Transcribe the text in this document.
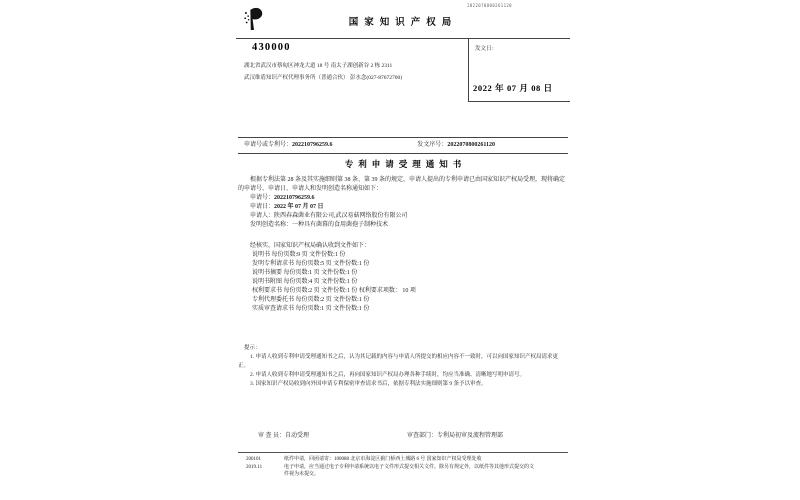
2022070800261120
国家知识产权局
430000
湖北省武汉市蔡甸区神龙大道 18 号 南太子湖创新谷 2 栋 2311
武汉维盾知识产权代理事务所（普通合伙） 彭水念(027-87672700)
发文日：
2022 年 07 月 08 日
申请号或专利号：202210796259.6	发文序号：2022070800261120
专利申请受理通知书
根据专利法第 28 条及其实施细则第 38 条、第 39 条的规定，申请人提出的专利申请已由国家知识产权局受理，现将确定的申请号、申请日、申请人和发明创造名称通知如下：
申请号：202210796259.6
申请日：2022 年 07 月 07 日
申请人：陕西春森菌业有限公司,武汉易菇网络股份有限公司
发明创造名称：一种具有菌幕的食用菌孢子制种技术
经核实，国家知识产权局确认收到文件如下：
说明书 每份页数:9 页 文件份数:1 份
发明专利请求书 每份页数:5 页 文件份数:1 份
说明书摘要 每份页数:1 页 文件份数:1 份
说明书附图 每份页数:4 页 文件份数:1 份
权利要求书 每份页数:2 页 文件份数:1 份 权利要求项数： 10 项
专利代理委托书 每份页数:2 页 文件份数:1 份
实质审查请求书 每份页数:1 页 文件份数:1 份
提示：
1. 申请人收到专利申请受理通知书之后，认为其记载的内容与申请人所提交的相应内容不一致时，可以向国家知识产权局请求更正。
2. 申请人收到专利申请受理通知书之后，再向国家知识产权局办理各种手续时，均应当准确、清晰地写明申请号。
3. 国家知识产权局收到向外国申请专利保密审查请求书后，依据专利法实施细则第 9 条予以审查。
审 查 员：自动受理	审查部门：专利局初审及流程管理部
200101	纸件申请，回函请寄：100088 北京市海淀区蓟门桥西土城路 6 号 国家知识产权局受理处收
2019.11	电子申请，应当通过电子专利申请系统以电子文件形式提交相关文件。除另有规定外，以纸件等其他形式提交的文件视为未提交。
